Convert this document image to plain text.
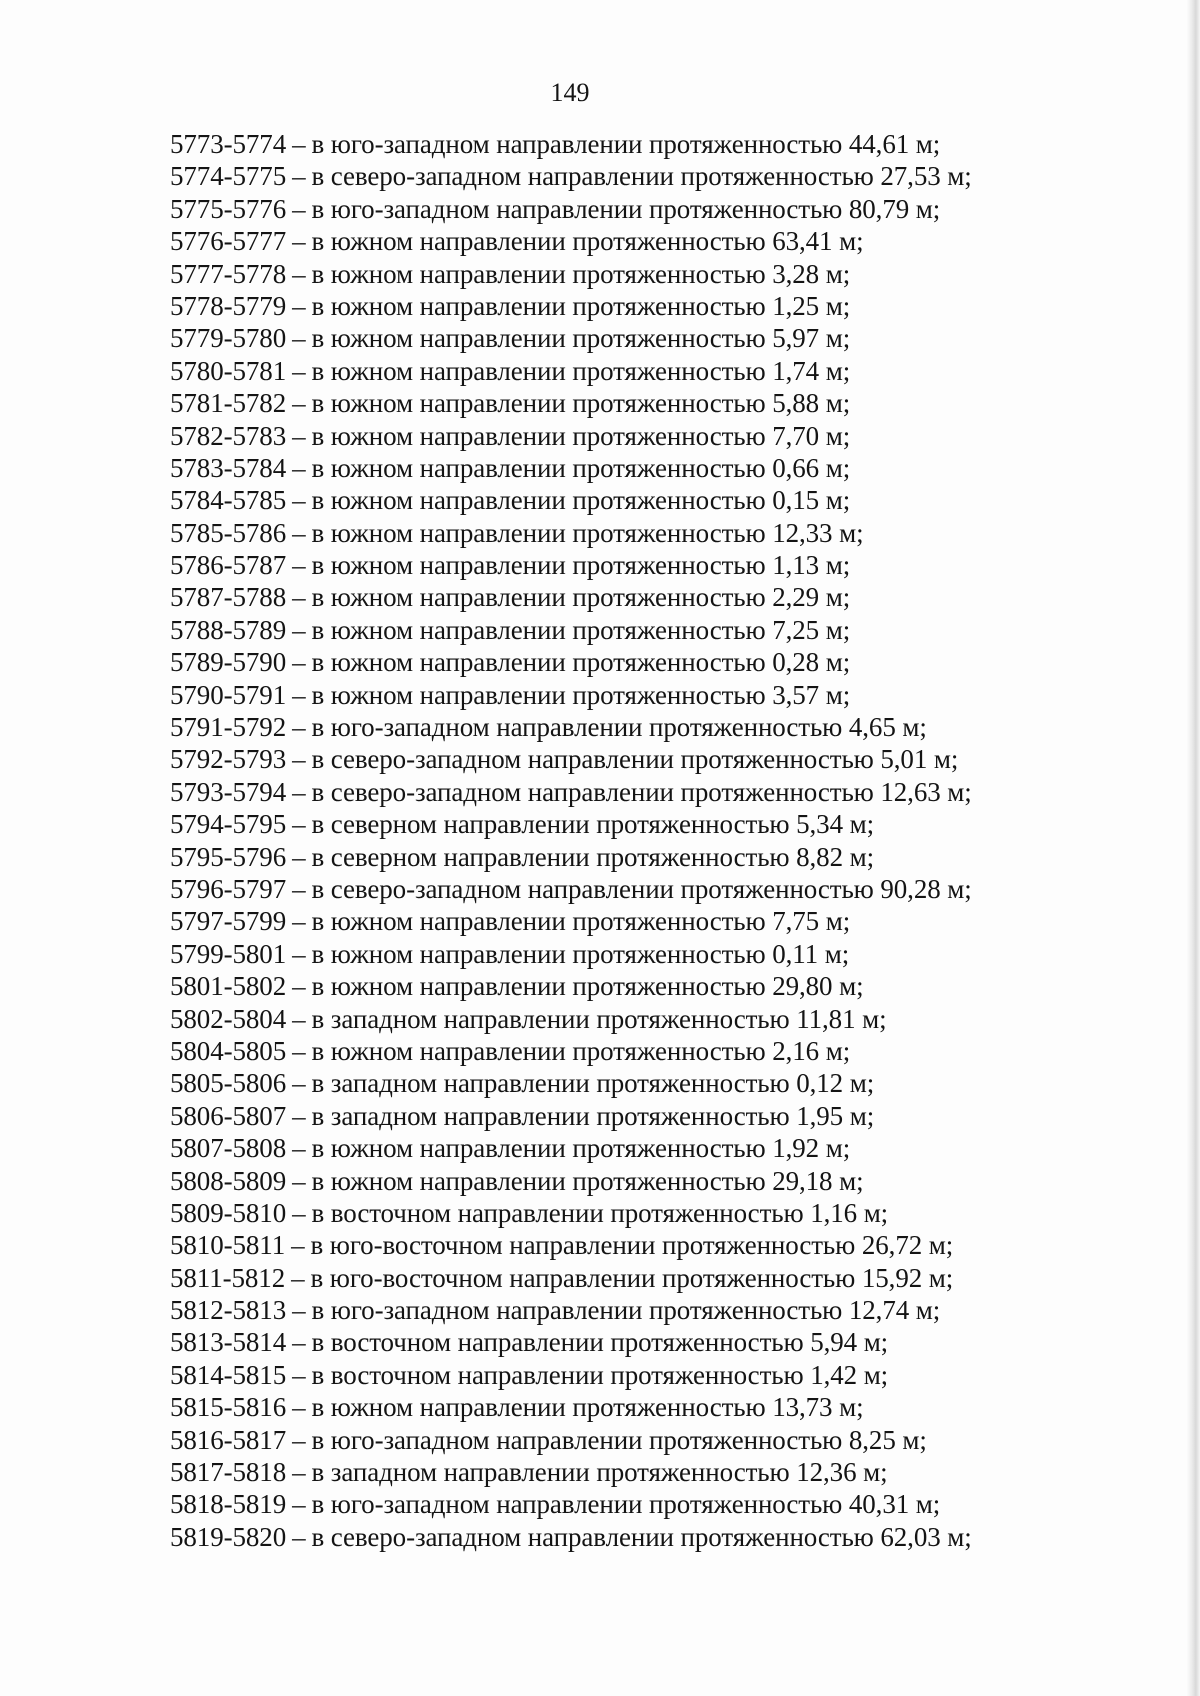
149
5773-5774 – в юго-западном направлении протяженностью 44,61 м;
5774-5775 – в северо-западном направлении протяженностью 27,53 м;
5775-5776 – в юго-западном направлении протяженностью 80,79 м;
5776-5777 – в южном направлении протяженностью 63,41 м;
5777-5778 – в южном направлении протяженностью 3,28 м;
5778-5779 – в южном направлении протяженностью 1,25 м;
5779-5780 – в южном направлении протяженностью 5,97 м;
5780-5781 – в южном направлении протяженностью 1,74 м;
5781-5782 – в южном направлении протяженностью 5,88 м;
5782-5783 – в южном направлении протяженностью 7,70 м;
5783-5784 – в южном направлении протяженностью 0,66 м;
5784-5785 – в южном направлении протяженностью 0,15 м;
5785-5786 – в южном направлении протяженностью 12,33 м;
5786-5787 – в южном направлении протяженностью 1,13 м;
5787-5788 – в южном направлении протяженностью 2,29 м;
5788-5789 – в южном направлении протяженностью 7,25 м;
5789-5790 – в южном направлении протяженностью 0,28 м;
5790-5791 – в южном направлении протяженностью 3,57 м;
5791-5792 – в юго-западном направлении протяженностью 4,65 м;
5792-5793 – в северо-западном направлении протяженностью 5,01 м;
5793-5794 – в северо-западном направлении протяженностью 12,63 м;
5794-5795 – в северном направлении протяженностью 5,34 м;
5795-5796 – в северном направлении протяженностью 8,82 м;
5796-5797 – в северо-западном направлении протяженностью 90,28 м;
5797-5799 – в южном направлении протяженностью 7,75 м;
5799-5801 – в южном направлении протяженностью 0,11 м;
5801-5802 – в южном направлении протяженностью 29,80 м;
5802-5804 – в западном направлении протяженностью 11,81 м;
5804-5805 – в южном направлении протяженностью 2,16 м;
5805-5806 – в западном направлении протяженностью 0,12 м;
5806-5807 – в западном направлении протяженностью 1,95 м;
5807-5808 – в южном направлении протяженностью 1,92 м;
5808-5809 – в южном направлении протяженностью 29,18 м;
5809-5810 – в восточном направлении протяженностью 1,16 м;
5810-5811 – в юго-восточном направлении протяженностью 26,72 м;
5811-5812 – в юго-восточном направлении протяженностью 15,92 м;
5812-5813 – в юго-западном направлении протяженностью 12,74 м;
5813-5814 – в восточном направлении протяженностью 5,94 м;
5814-5815 – в восточном направлении протяженностью 1,42 м;
5815-5816 – в южном направлении протяженностью 13,73 м;
5816-5817 – в юго-западном направлении протяженностью 8,25 м;
5817-5818 – в западном направлении протяженностью 12,36 м;
5818-5819 – в юго-западном направлении протяженностью 40,31 м;
5819-5820 – в северо-западном направлении протяженностью 62,03 м;
